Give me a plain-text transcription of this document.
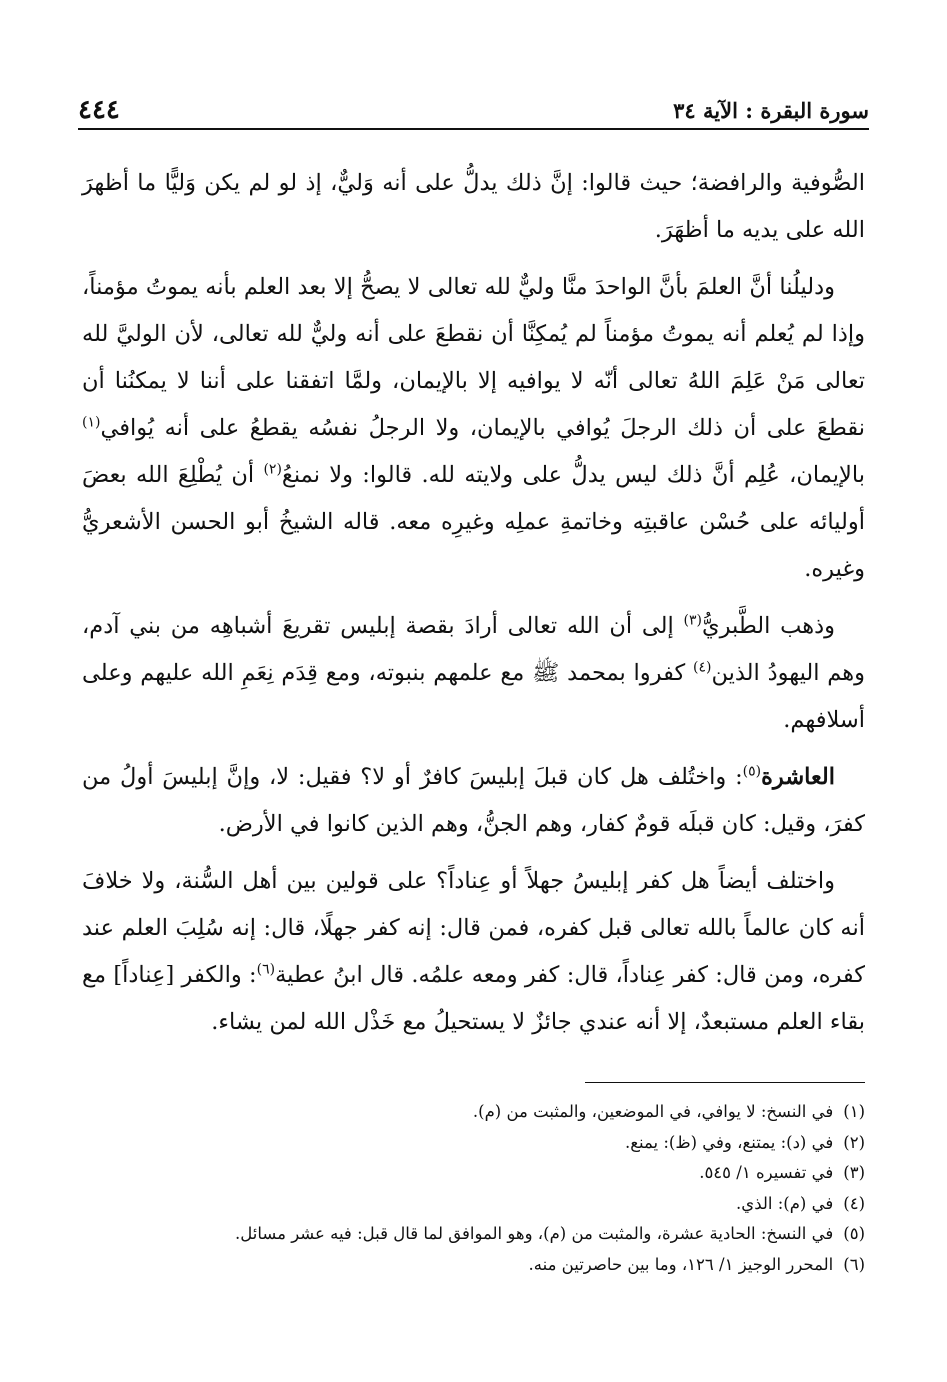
سورة البقرة : الآية ٣٤
٤٤٤

الصُّوفية والرافضة؛ حيث قالوا: إنَّ ذلك يدلُّ على أنه وَليٌّ، إذ لو لم يكن وَليًّا ما أظهرَ الله على يديه ما أظهَرَ.

ودليلُنا أنَّ العلمَ بأنَّ الواحدَ منَّا وليٌّ لله تعالى لا يصحُّ إلا بعد العلم بأنه يموتُ مؤمناً، وإذا لم يُعلم أنه يموتُ مؤمناً لم يُمكِنَّا أن نقطعَ على أنه وليٌّ لله تعالى، لأن الوليَّ لله تعالى مَنْ عَلِمَ اللهُ تعالى أنّه لا يوافيه إلا بالإيمان، ولمَّا اتفقنا على أننا لا يمكنُنا أن نقطعَ على أن ذلك الرجلَ يُوافي بالإيمان، ولا الرجلُ نفسُه يقطعُ على أنه يُوافي$^{(١)}$ بالإيمان، عُلِم أنَّ ذلك ليس يدلُّ على ولايته لله. قالوا: ولا نمنعُ$^{(٢)}$ أن يُطْلِعَ الله بعضَ أوليائه على حُسْن عاقبتِه وخاتمةِ عملِه وغيرِه معه. قاله الشيخُ أبو الحسن الأشعريُّ وغيره.

وذهب الطَّبريُّ$^{(٣)}$ إلى أن الله تعالى أرادَ بقصة إبليس تقريعَ أشباهِه من بني آدم، وهم اليهودُ الذين$^{(٤)}$ كفروا بمحمد ﷺ مع علمهم بنبوته، ومع قِدَم نِعَمِ الله عليهم وعلى أسلافهم.

العاشرة$^{(٥)}$: واختُلف هل كان قبلَ إبليسَ كافرٌ أو لا؟ فقيل: لا، وإنَّ إبليسَ أولُ من كفرَ، وقيل: كان قبلَه قومٌ كفار، وهم الجنُّ، وهم الذين كانوا في الأرض.

واختلف أيضاً هل كفر إبليسُ جهلاً أو عِناداً؟ على قولين بين أهل السُّنة، ولا خلافَ أنه كان عالماً بالله تعالى قبل كفره، فمن قال: إنه كفر جهلًا، قال: إنه سُلِبَ العلم عند كفره، ومن قال: كفر عِناداً، قال: كفر ومعه علمُه. قال ابنُ عطية$^{(٦)}$: والكفر [عِناداً] مع بقاء العلم مستبعدٌ، إلا أنه عندي جائزٌ لا يستحيلُ مع خَذْل الله لمن يشاء.

(١)
في النسخ: لا يوافي، في الموضعين، والمثبت من (م).
(٢)
في (د): يمتنع، وفي (ظ): يمنع.
(٣)
في تفسيره ١/ ٥٤٥.
(٤)
في (م): الذي.
(٥)
في النسخ: الحادية عشرة، والمثبت من (م)، وهو الموافق لما قال قبل: فيه عشر مسائل.
(٦)
المحرر الوجيز ١/ ١٢٦، وما بين حاصرتين منه.
